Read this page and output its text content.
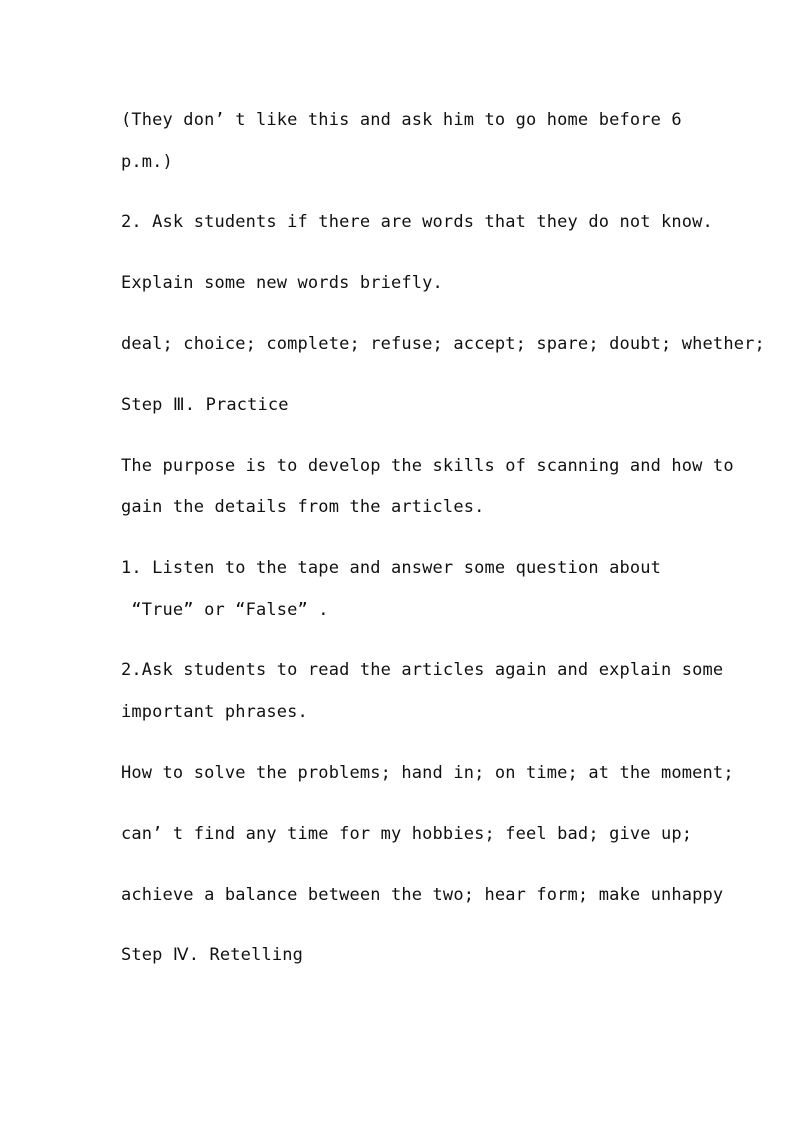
(They don’ t like this and ask him to go home before 6
p.m.)
2. Ask students if there are words that they do not know.
Explain some new words briefly.
deal; choice; complete; refuse; accept; spare; doubt; whether;
Step Ⅲ. Practice
The purpose is to develop the skills of scanning and how to
gain the details from the articles.
1. Listen to the tape and answer some question about
“True” or “False” .
2.Ask students to read the articles again and explain some
important phrases.
How to solve the problems; hand in; on time; at the moment;
can’ t find any time for my hobbies; feel bad; give up;
achieve a balance between the two; hear form; make unhappy
Step Ⅳ. Retelling
